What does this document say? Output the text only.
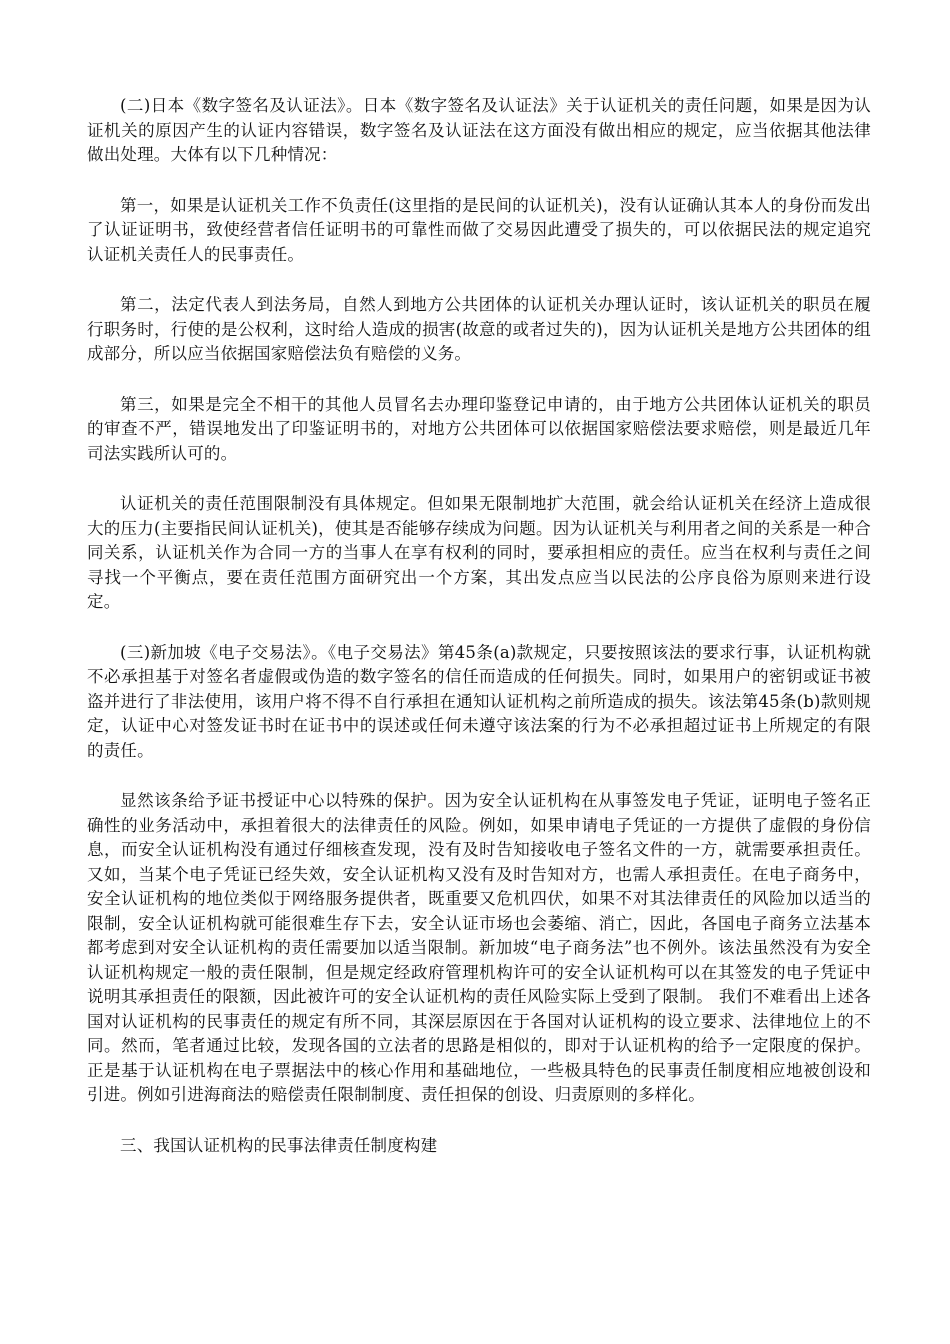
(二)日本《数字签名及认证法》。日本《数字签名及认证法》关于认证机关的责任问题，如果是因为认证机关的原因产生的认证内容错误，数字签名及认证法在这方面没有做出相应的规定，应当依据其他法律做出处理。大体有以下几种情况：

第一，如果是认证机关工作不负责任(这里指的是民间的认证机关)，没有认证确认其本人的身份而发出了认证证明书，致使经营者信任证明书的可靠性而做了交易因此遭受了损失的，可以依据民法的规定追究认证机关责任人的民事责任。

第二，法定代表人到法务局，自然人到地方公共团体的认证机关办理认证时，该认证机关的职员在履行职务时，行使的是公权利，这时给人造成的损害(故意的或者过失的)，因为认证机关是地方公共团体的组成部分，所以应当依据国家赔偿法负有赔偿的义务。

第三，如果是完全不相干的其他人员冒名去办理印鉴登记申请的，由于地方公共团体认证机关的职员的审查不严，错误地发出了印鉴证明书的，对地方公共团体可以依据国家赔偿法要求赔偿，则是最近几年司法实践所认可的。

认证机关的责任范围限制没有具体规定。但如果无限制地扩大范围，就会给认证机关在经济上造成很大的压力(主要指民间认证机关)，使其是否能够存续成为问题。因为认证机关与利用者之间的关系是一种合同关系，认证机关作为合同一方的当事人在享有权利的同时，要承担相应的责任。应当在权利与责任之间寻找一个平衡点，要在责任范围方面研究出一个方案，其出发点应当以民法的公序良俗为原则来进行设定。

(三)新加坡《电子交易法》。《电子交易法》第45条(a)款规定，只要按照该法的要求行事，认证机构就不必承担基于对签名者虚假或伪造的数字签名的信任而造成的任何损失。同时，如果用户的密钥或证书被盗并进行了非法使用，该用户将不得不自行承担在通知认证机构之前所造成的损失。该法第45条(b)款则规定，认证中心对签发证书时在证书中的误述或任何未遵守该法案的行为不必承担超过证书上所规定的有限的责任。

显然该条给予证书授证中心以特殊的保护。因为安全认证机构在从事签发电子凭证，证明电子签名正确性的业务活动中，承担着很大的法律责任的风险。例如，如果申请电子凭证的一方提供了虚假的身份信息，而安全认证机构没有通过仔细核查发现，没有及时告知接收电子签名文件的一方，就需要承担责任。又如，当某个电子凭证已经失效，安全认证机构又没有及时告知对方，也需人承担责任。在电子商务中，安全认证机构的地位类似于网络服务提供者，既重要又危机四伏，如果不对其法律责任的风险加以适当的限制，安全认证机构就可能很难生存下去，安全认证市场也会萎缩、消亡，因此，各国电子商务立法基本都考虑到对安全认证机构的责任需要加以适当限制。新加坡“电子商务法”也不例外。该法虽然没有为安全认证机构规定一般的责任限制，但是规定经政府管理机构许可的安全认证机构可以在其签发的电子凭证中说明其承担责任的限额，因此被许可的安全认证机构的责任风险实际上受到了限制。 我们不难看出上述各国对认证机构的民事责任的规定有所不同，其深层原因在于各国对认证机构的设立要求、法律地位上的不同。然而，笔者通过比较，发现各国的立法者的思路是相似的，即对于认证机构的给予一定限度的保护。正是基于认证机构在电子票据法中的核心作用和基础地位，一些极具特色的民事责任制度相应地被创设和引进。例如引进海商法的赔偿责任限制制度、责任担保的创设、归责原则的多样化。

三、我国认证机构的民事法律责任制度构建
